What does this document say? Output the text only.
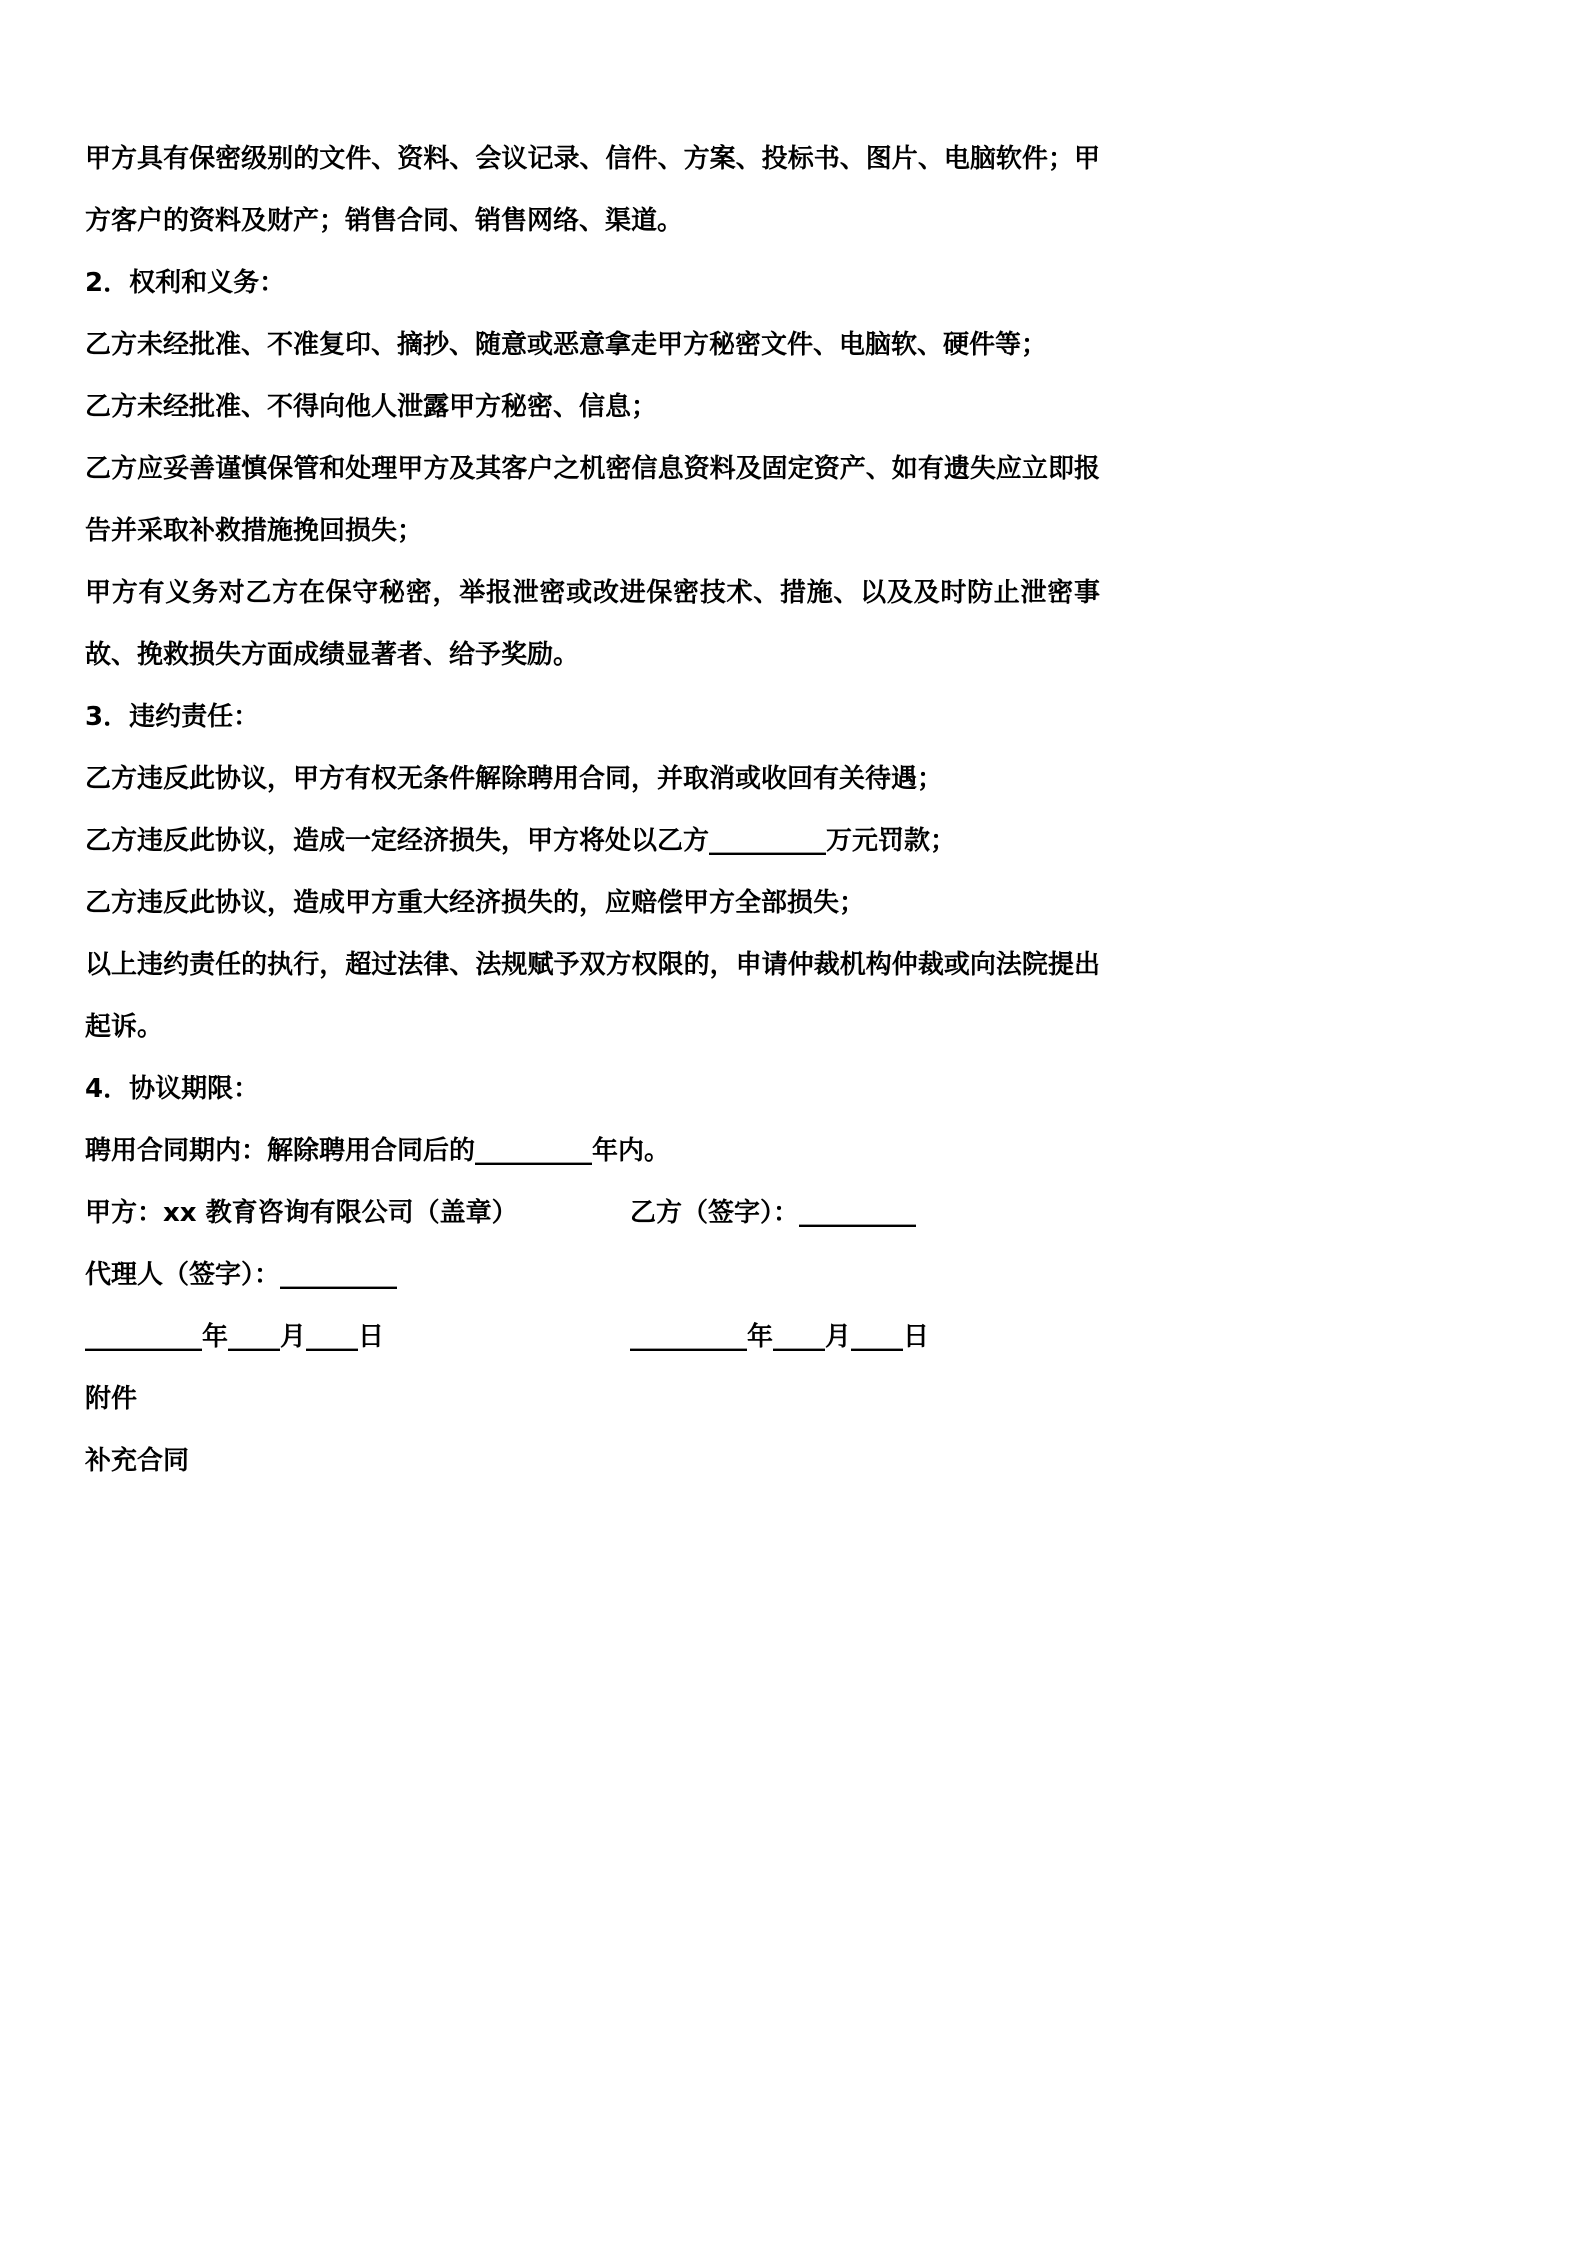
甲方具有保密级别的文件、资料、会议记录、信件、方案、投标书、图片、电脑软件；甲方客户的资料及财产；销售合同、销售网络、渠道。
2．权利和义务：
乙方未经批准、不准复印、摘抄、随意或恶意拿走甲方秘密文件、电脑软、硬件等；
乙方未经批准、不得向他人泄露甲方秘密、信息；
乙方应妥善谨慎保管和处理甲方及其客户之机密信息资料及固定资产、如有遗失应立即报告并采取补救措施挽回损失；
甲方有义务对乙方在保守秘密，举报泄密或改进保密技术、措施、以及及时防止泄密事故、挽救损失方面成绩显著者、给予奖励。
3．违约责任：
乙方违反此协议，甲方有权无条件解除聘用合同，并取消或收回有关待遇；
乙方违反此协议，造成一定经济损失，甲方将处以乙方_________万元罚款；
乙方违反此协议，造成甲方重大经济损失的，应赔偿甲方全部损失；
以上违约责任的执行，超过法律、法规赋予双方权限的，申请仲裁机构仲裁或向法院提出起诉。
4．协议期限：
聘用合同期内：解除聘用合同后的_________年内。
甲方：xx 教育咨询有限公司（盖章）	乙方（签字）：_________
代理人（签字）：_________
_________年____月____日	_________年____月____日
附件
补充合同
